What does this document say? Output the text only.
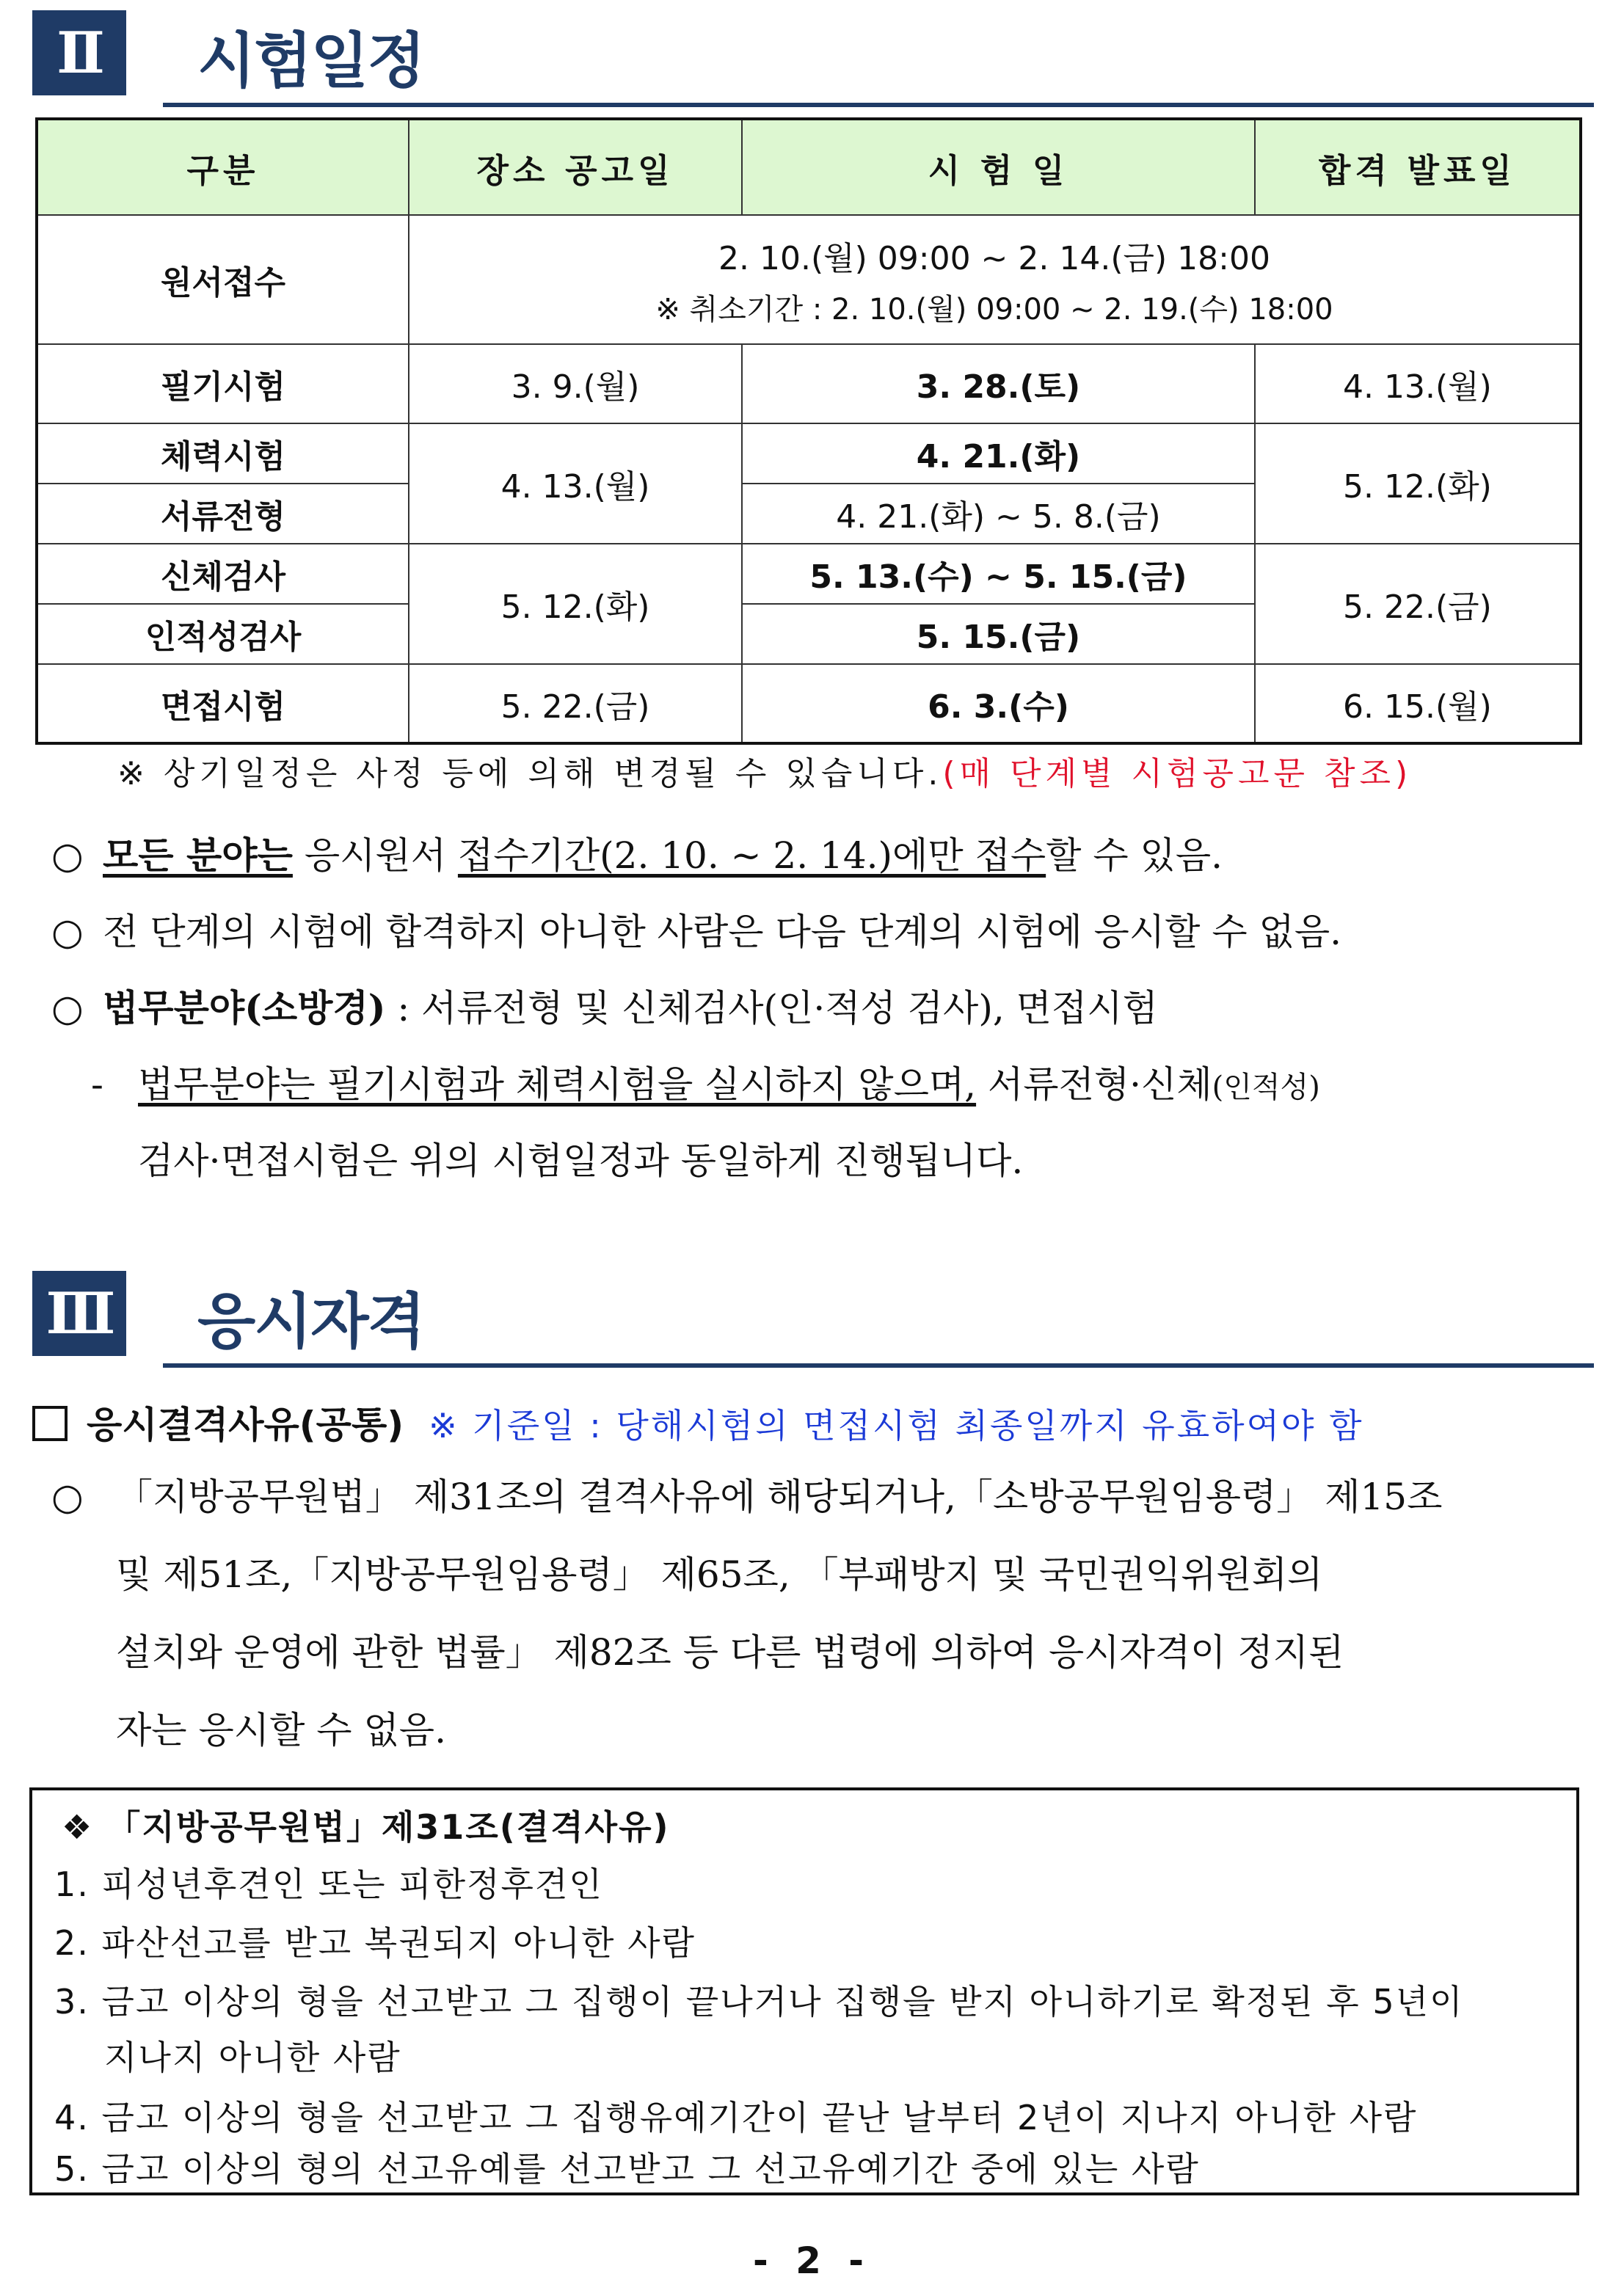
Ⅱ	시험일정
구분	장소 공고일	시 험 일	합격 발표일
원서접수	2. 10.(월) 09:00 ~ 2. 14.(금) 18:00
※ 취소기간 : 2. 10.(월) 09:00 ~ 2. 19.(수) 18:00		

필기시험	3. 9.(월)	3. 28.(토)	4. 13.(월)
체력시험	4. 13.(월)	4. 21.(화)	5. 12.(화)
서류전형		4. 21.(화) ~ 5. 8.(금)	
신체검사	5. 12.(화)	5. 13.(수) ~ 5. 15.(금)	5. 22.(금)
인적성검사		5. 15.(금)	
면접시험	5. 22.(금)	6. 3.(수)	6. 15.(월)
※ 상기일정은 사정 등에 의해 변경될 수 있습니다.(매 단계별 시험공고문 참조)
○ 모든 분야는 응시원서 접수기간(2. 10. ~ 2. 14.)에만 접수할 수 있음.
○ 전 단계의 시험에 합격하지 아니한 사람은 다음 단계의 시험에 응시할 수 없음.
○ 법무분야(소방경) : 서류전형 및 신체검사(인·적성 검사), 면접시험
- 법무분야는 필기시험과 체력시험을 실시하지 않으며, 서류전형·신체(인적성)
검사·면접시험은 위의 시험일정과 동일하게 진행됩니다.
Ⅲ 응시자격
응시결격사유(공통) ※ 기준일 : 당해시험의 면접시험 최종일까지 유효하여야 함
○ 「지방공무원법」 제31조의 결격사유에 해당되거나,「소방공무원임용령」 제15조
및 제51조,「지방공무원임용령」 제65조, 「부패방지 및 국민권익위원회의
설치와 운영에 관한 법률」 제82조 등 다른 법령에 의하여 응시자격이 정지된
자는 응시할 수 없음.
❖ 「지방공무원법」제31조(결격사유)
1. 피성년후견인 또는 피한정후견인
2. 파산선고를 받고 복권되지 아니한 사람
3. 금고 이상의 형을 선고받고 그 집행이 끝나거나 집행을 받지 아니하기로 확정된 후 5년이
지나지 아니한 사람
4. 금고 이상의 형을 선고받고 그 집행유예기간이 끝난 날부터 2년이 지나지 아니한 사람
5. 금고 이상의 형의 선고유예를 선고받고 그 선고유예기간 중에 있는 사람
- 2 -
